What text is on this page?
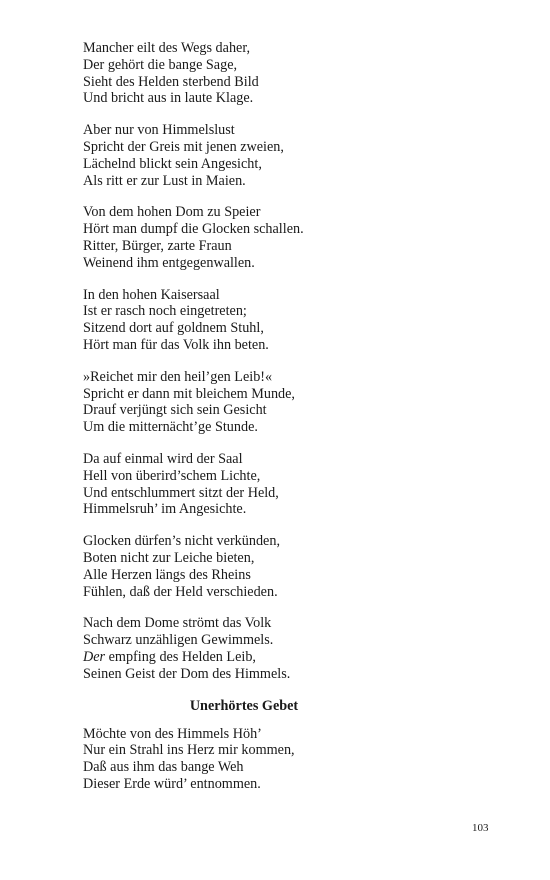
Mancher eilt des Wegs daher,
Der gehört die bange Sage,
Sieht des Helden sterbend Bild
Und bricht aus in laute Klage.
Aber nur von Himmelslust
Spricht der Greis mit jenen zweien,
Lächelnd blickt sein Angesicht,
Als ritt er zur Lust in Maien.
Von dem hohen Dom zu Speier
Hört man dumpf die Glocken schallen.
Ritter, Bürger, zarte Fraun
Weinend ihm entgegenwallen.
In den hohen Kaisersaal
Ist er rasch noch eingetreten;
Sitzend dort auf goldnem Stuhl,
Hört man für das Volk ihn beten.
»Reichet mir den heil’gen Leib!«
Spricht er dann mit bleichem Munde,
Drauf verjüngt sich sein Gesicht
Um die mitternächt’ge Stunde.
Da auf einmal wird der Saal
Hell von überird’schem Lichte,
Und entschlummert sitzt der Held,
Himmelsruh’ im Angesichte.
Glocken dürfen’s nicht verkünden,
Boten nicht zur Leiche bieten,
Alle Herzen längs des Rheins
Fühlen, daß der Held verschieden.
Nach dem Dome strömt das Volk
Schwarz unzähligen Gewimmels.
Der empfing des Helden Leib,
Seinen Geist der Dom des Himmels.
Unerhörtes Gebet
Möchte von des Himmels Höh’
Nur ein Strahl ins Herz mir kommen,
Daß aus ihm das bange Weh
Dieser Erde würd’ entnommen.
103
